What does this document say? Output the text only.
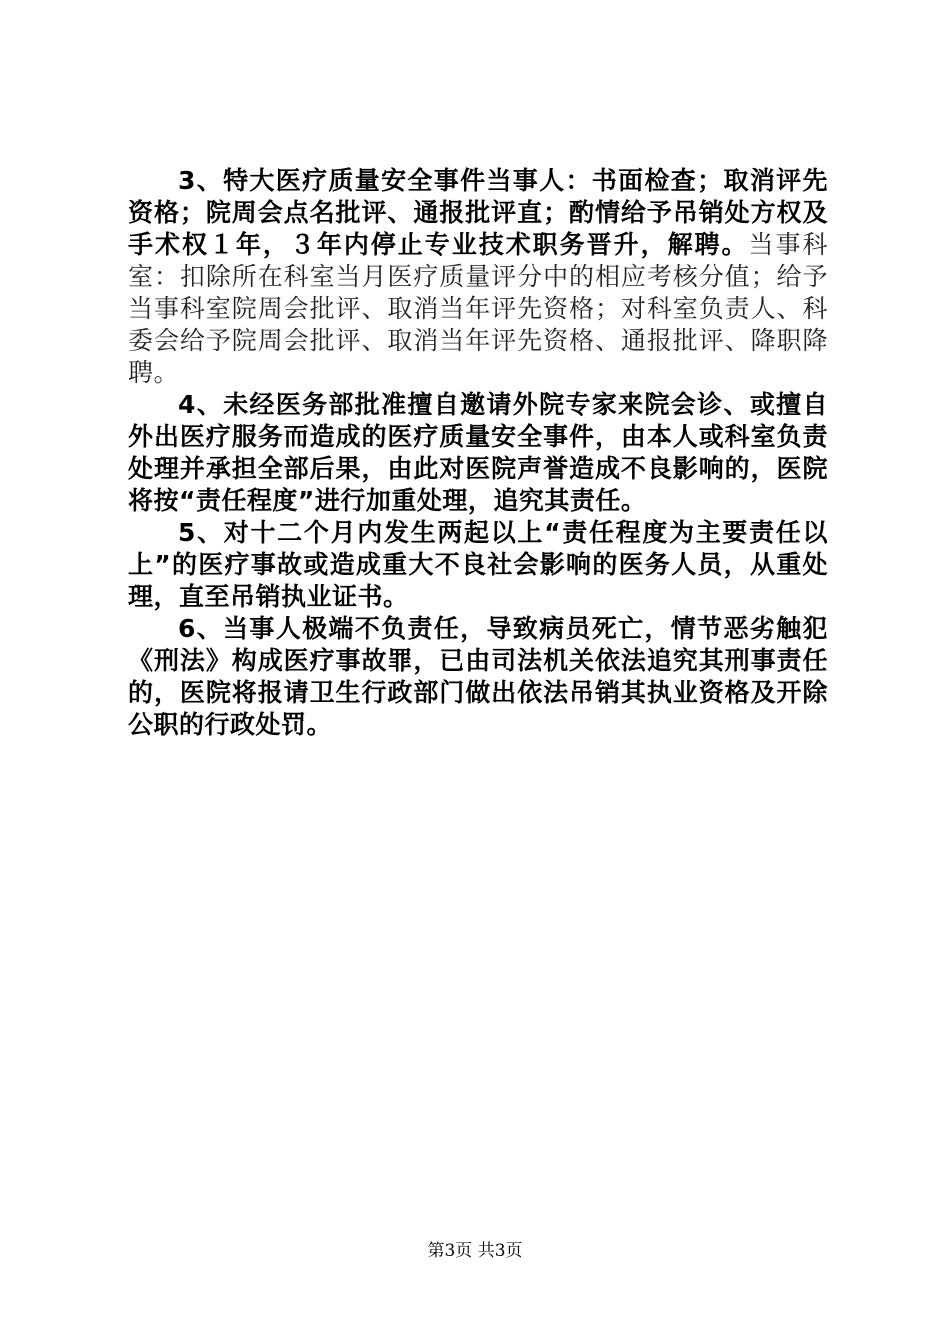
3、特大医疗质量安全事件当事人：书面检查；取消评先资格；院周会点名批评、通报批评直；酌情给予吊销处方权及手术权１年，３年内停止专业技术职务晋升，解聘。当事科室：扣除所在科室当月医疗质量评分中的相应考核分值；给予当事科室院周会批评、取消当年评先资格；对科室负责人、科委会给予院周会批评、取消当年评先资格、通报批评、降职降聘。

4、未经医务部批准擅自邀请外院专家来院会诊、或擅自外出医疗服务而造成的医疗质量安全事件，由本人或科室负责处理并承担全部后果，由此对医院声誉造成不良影响的，医院将按“责任程度”进行加重处理，追究其责任。

5、对十二个月内发生两起以上“责任程度为主要责任以上”的医疗事故或造成重大不良社会影响的医务人员，从重处理，直至吊销执业证书。

6、当事人极端不负责任，导致病员死亡，情节恶劣触犯《刑法》构成医疗事故罪，已由司法机关依法追究其刑事责任的，医院将报请卫生行政部门做出依法吊销其执业资格及开除公职的行政处罚。

第3页 共3页
